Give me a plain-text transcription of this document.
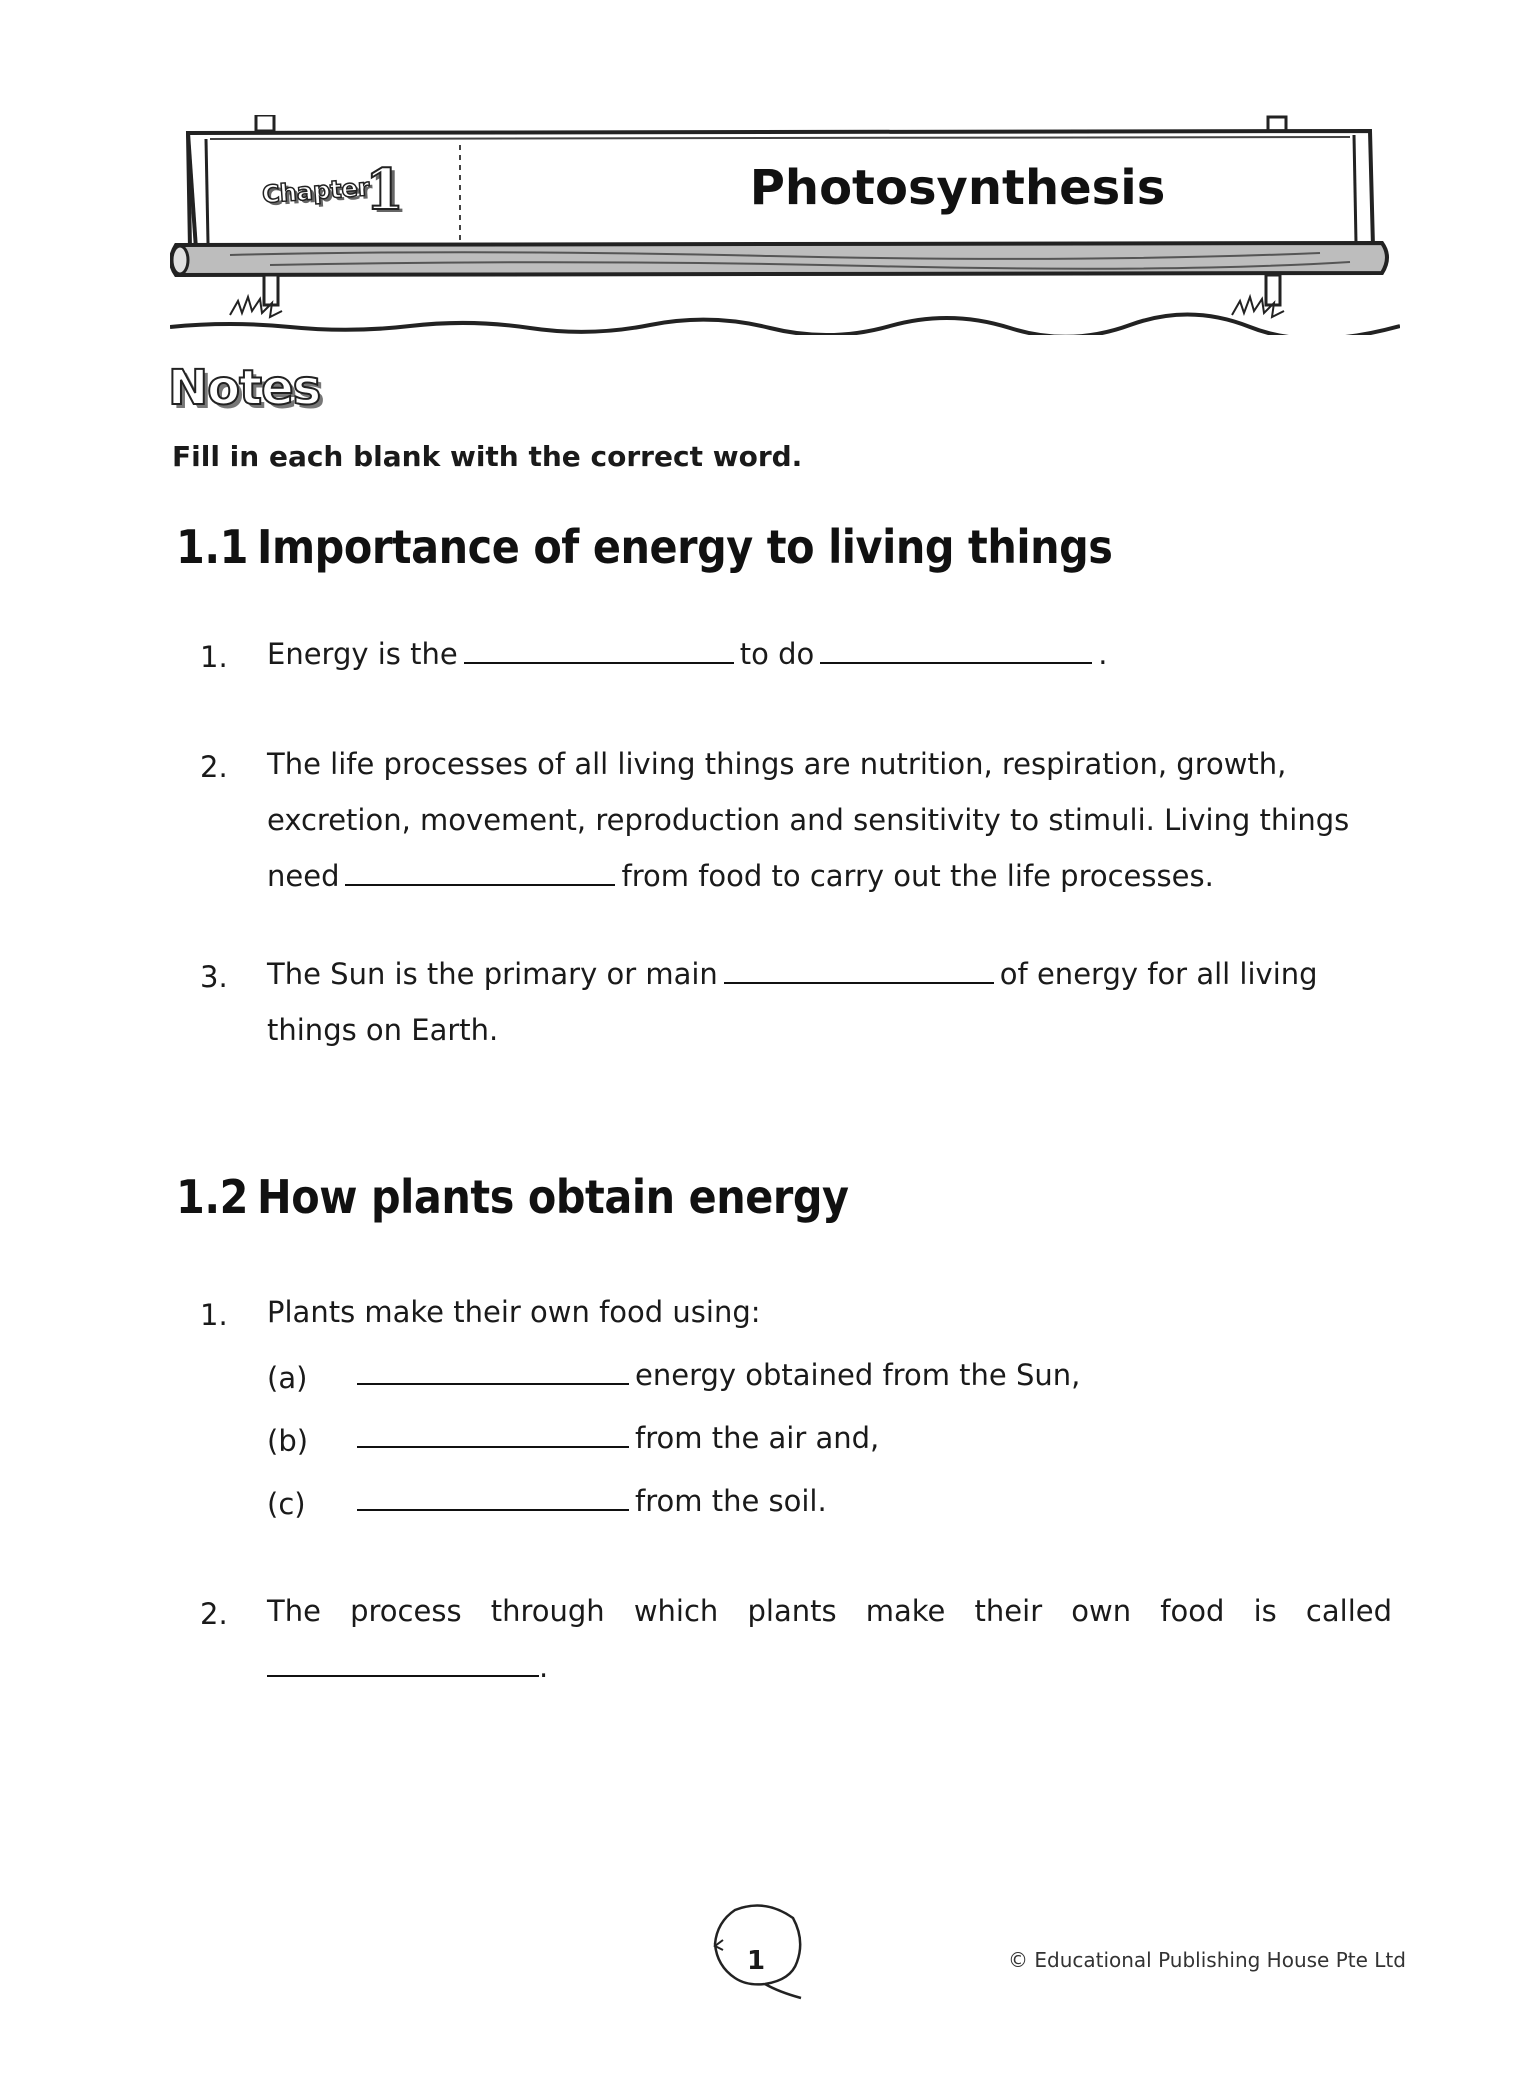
Chapter
1	Photosynthesis
Notes
Fill in each blank with the correct word.
1.1 Importance of energy to living things
1. Energy is the	to do	.
2. The life processes of all living things are nutrition, respiration, growth,
excretion, movement, reproduction and sensitivity to stimuli. Living things
need	from food to carry out the life processes.
3. The Sun is the primary or main	of energy for all living
things on Earth.
1.2 How plants obtain energy
1. Plants make their own food using:
(a)	energy obtained from the Sun,
(b)	from the air and,
(c)	from the soil.
2. The process through which plants make their own food is called
.
1	© Educational Publishing House Pte Ltd
